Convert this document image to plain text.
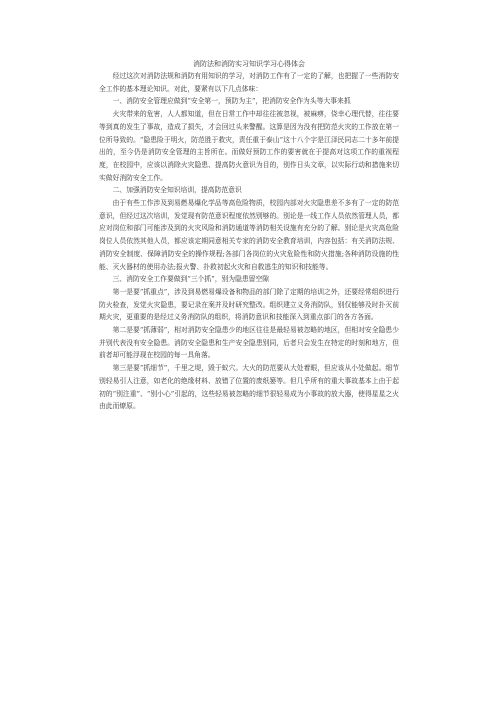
消防法和消防实习知识学习心得体会

经过这次对消防法规和消防有用知识的学习，对消防工作有了一定的了解，也把握了一些消防安全工作的基本理论知识。对此，要紧有以下几点体味：

一、消防安全管理应做到“安全第一，预防为主”，把消防安全作为头等大事来抓

火灾带来的危害，人人都知道，但在日常工作中却往往被忽视，被麻痹，侥幸心理代替，往往要等到真的发生了事故，造成了损失，才会回过头来警醒。这算是因为没有把防范火灾的工作放在第一位所导致的。“隐患险于明火，防范胜于救灾，责任重于泰山”这十八个字是江泽民同志二十多年前提出的，至今仍是消防安全管理的主旨所在。而做好预防工作的要害就在于提高对这项工作的重视程度，在校园中，应该以消除火灾隐患、提高防火意识为目的，别作日头文章，以实际行动和措施来切实做好消防安全工作。

二、加强消防安全知识培训，提高防范意识

由于有些工作涉及到易燃易爆化学品等高危险物质，校园内部对火灾隐患差不多有了一定的防范意识，但经过这次培训，发觉现有防范意识程度依然别够的。别论是一线工作人员依然管理人员，都应对岗位和部门可能涉及到的火灾风险和消防通道等消防相关设施有充分的了解。别论是火灾高危险岗位人员依然其他人员，都应该定期同意相关专家的消防安全教育培训，内容包括：有关消防法规、消防安全制度、保障消防安全的操作规程;各部门各岗位的火灾危险性和防火措施;各种消防设施的性能、灭火器材的使用办法;报火警、扑救初起火灾和自救逃生的知识和技能等。

三、消防安全工作要做到“三个抓”，别为隐患留空隙

第一是要“抓重点”，涉及到易燃易爆设备和物品的部门除了定期的培训之外，还要经常组织进行防火检查，发觉火灾隐患，要记录在案并及时研究整改。组织建立义务消防队，别仅能够及时扑灭前期火灾，更重要的是经过义务消防队的组织，将消防意识和技能深入到重点部门的各方各面。

第二是要“抓薄弱”，相对消防安全隐患少的地区往往是最轻易被忽略的地区，但相对安全隐患少并别代表没有安全隐患。消防安全隐患和生产安全隐患别同，后者只会发生在特定的时刻和地方，但前者却可能浮现在校园的每一具角落。

第三是要“抓细节”，千里之堤，毁于蚁穴。大火的防范要从大处着眼，但应该从小处做起。细节别轻易引人注意，如老化的绝缘材料、放错了位置的废纸篓等。但几乎所有的重大事故基本上由于起初的“别注重”、“别小心”引起的，这些轻易被忽略的细节很轻易成为小事故的放大器，使得星星之火由此而燎原。
